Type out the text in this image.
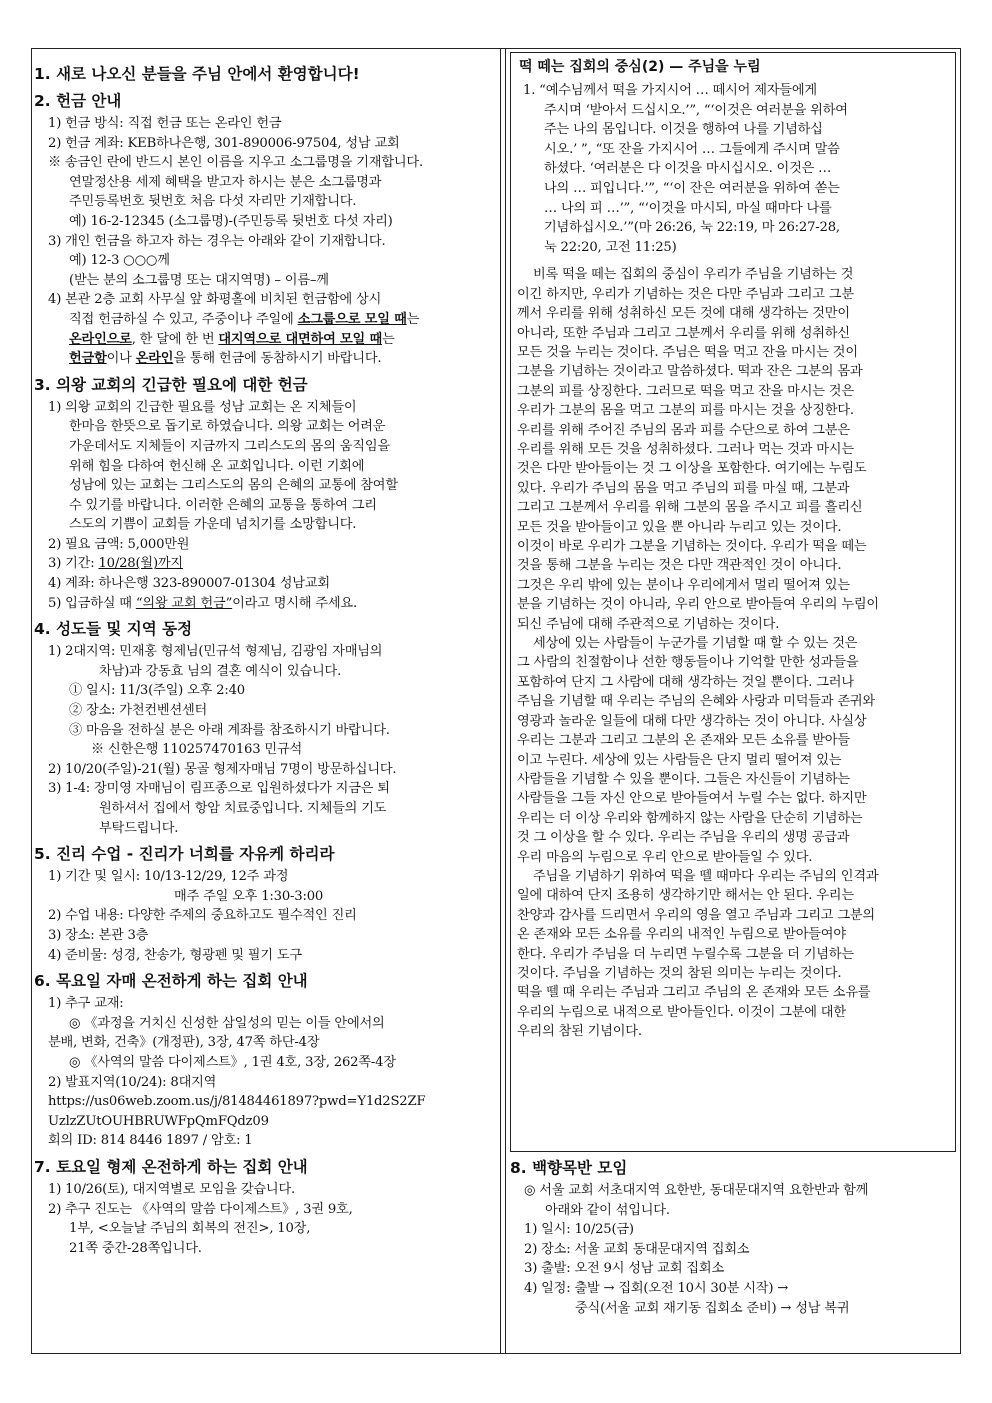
1. 새로 나오신 분들을 주님 안에서 환영합니다!
2. 헌금 안내
1) 헌금 방식: 직접 헌금 또는 온라인 헌금
2) 헌금 계좌: KEB하나은행, 301-890006-97504, 성남 교회
※ 송금인 란에 반드시 본인 이름을 지우고 소그룹명을 기재합니다.
연말정산용 세제 혜택을 받고자 하시는 분은 소그룹명과
주민등록번호 뒷번호 처음 다섯 자리만 기재합니다.
예) 16-2-12345 (소그룹명)-(주민등록 뒷번호 다섯 자리)
3) 개인 헌금을 하고자 하는 경우는 아래와 같이 기재합니다.
예) 12-3 ○○○께
(받는 분의 소그룹명 또는 대지역명) – 이름–께
4) 본관 2층 교회 사무실 앞 화평홀에 비치된 헌금함에 상시
직접 헌금하실 수 있고, 주중이나 주일에 소그룹으로 모일 때는
온라인으로, 한 달에 한 번 대지역으로 대면하여 모일 때는
헌금함이나 온라인을 통해 헌금에 동참하시기 바랍니다.
3. 의왕 교회의 긴급한 필요에 대한 헌금
1) 의왕 교회의 긴급한 필요를 성남 교회는 온 지체들이
한마음 한뜻으로 돕기로 하였습니다. 의왕 교회는 어려운
가운데서도 지체들이 지금까지 그리스도의 몸의 움직임을
위해 힘을 다하여 헌신해 온 교회입니다. 이런 기회에
성남에 있는 교회는 그리스도의 몸의 은혜의 교통에 참여할
수 있기를 바랍니다. 이러한 은혜의 교통을 통하여 그리
스도의 기쁨이 교회들 가운데 넘치기를 소망합니다.
2) 필요 금액: 5,000만원
3) 기간: 10/28(월)까지
4) 계좌: 하나은행 323-890007-01304 성남교회
5) 입금하실 때 “의왕 교회 헌금”이라고 명시해 주세요.
4. 성도들 및 지역 동정
1) 2대지역: 민재홍 형제님(민규석 형제님, 김광임 자매님의
차남)과 강동효 님의 결혼 예식이 있습니다.
① 일시: 11/3(주일) 오후 2:40
② 장소: 가천컨벤션센터
③ 마음을 전하실 분은 아래 계좌를 참조하시기 바랍니다.
※ 신한은행 110257470163 민규석
2) 10/20(주일)-21(월) 몽골 형제자매님 7명이 방문하십니다.
3) 1-4: 장미영 자매님이 림프종으로 입원하셨다가 지금은 퇴
원하셔서 집에서 항암 치료중입니다. 지체들의 기도
부탁드립니다.
5. 진리 수업 - 진리가 너희를 자유케 하리라
1) 기간 및 일시: 10/13-12/29, 12주 과정
매주 주일 오후 1:30-3:00
2) 수업 내용: 다양한 주제의 중요하고도 필수적인 진리
3) 장소: 본관 3층
4) 준비물: 성경, 찬송가, 형광펜 및 필기 도구
6. 목요일 자매 온전하게 하는 집회 안내
1) 추구 교재:
◎ 《과정을 거치신 신성한 삼일성의 믿는 이들 안에서의
분배, 변화, 건축》(개정판), 3장, 47쪽 하단-4장
◎ 《사역의 말씀 다이제스트》, 1권 4호, 3장, 262쪽-4장
2) 발표지역(10/24): 8대지역
https://us06web.zoom.us/j/81484461897?pwd=Y1d2S2ZF
UzlzZUtOUHBRUWFpQmFQdz09
회의 ID: 814 8446 1897 / 암호: 1
7. 토요일 형제 온전하게 하는 집회 안내
1) 10/26(토), 대지역별로 모임을 갖습니다.
2) 추구 진도는 《사역의 말씀 다이제스트》, 3권 9호,
1부, <오늘날 주님의 회복의 전진>, 10장,
21쪽 중간-28쪽입니다.
떡 떼는 집회의 중심(2) — 주님을 누림
1. “예수님께서 떡을 가지시어 … 떼시어 제자들에게
주시며 ‘받아서 드십시오.’”, “‘이것은 여러분을 위하여
주는 나의 몸입니다. 이것을 행하여 나를 기념하십
시오.’ ”, “또 잔을 가지시어 … 그들에게 주시며 말씀
하셨다. ‘여러분은 다 이것을 마시십시오. 이것은 …
나의 … 피입니다.’”, “‘이 잔은 여러분을 위하여 쏟는
… 나의 피 …’”, “‘이것을 마시되, 마실 때마다 나를
기념하십시오.’”(마 26:26, 눅 22:19, 마 26:27-28,
눅 22:20, 고전 11:25)
비록 떡을 떼는 집회의 중심이 우리가 주님을 기념하는 것
이긴 하지만, 우리가 기념하는 것은 다만 주님과 그리고 그분
께서 우리를 위해 성취하신 모든 것에 대해 생각하는 것만이
아니라, 또한 주님과 그리고 그분께서 우리를 위해 성취하신
모든 것을 누리는 것이다. 주님은 떡을 먹고 잔을 마시는 것이
그분을 기념하는 것이라고 말씀하셨다. 떡과 잔은 그분의 몸과
그분의 피를 상징한다. 그러므로 떡을 먹고 잔을 마시는 것은
우리가 그분의 몸을 먹고 그분의 피를 마시는 것을 상징한다.
우리를 위해 주어진 주님의 몸과 피를 수단으로 하여 그분은
우리를 위해 모든 것을 성취하셨다. 그러나 먹는 것과 마시는
것은 다만 받아들이는 것 그 이상을 포함한다. 여기에는 누림도
있다. 우리가 주님의 몸을 먹고 주님의 피를 마실 때, 그분과
그리고 그분께서 우리를 위해 그분의 몸을 주시고 피를 흘리신
모든 것을 받아들이고 있을 뿐 아니라 누리고 있는 것이다.
이것이 바로 우리가 그분을 기념하는 것이다. 우리가 떡을 떼는
것을 통해 그분을 누리는 것은 다만 객관적인 것이 아니다.
그것은 우리 밖에 있는 분이나 우리에게서 멀리 떨어져 있는
분을 기념하는 것이 아니라, 우리 안으로 받아들여 우리의 누림이
되신 주님에 대해 주관적으로 기념하는 것이다.
세상에 있는 사람들이 누군가를 기념할 때 할 수 있는 것은
그 사람의 친절함이나 선한 행동들이나 기억할 만한 성과들을
포함하여 단지 그 사람에 대해 생각하는 것일 뿐이다. 그러나
주님을 기념할 때 우리는 주님의 은혜와 사랑과 미덕들과 존귀와
영광과 놀라운 일들에 대해 다만 생각하는 것이 아니다. 사실상
우리는 그분과 그리고 그분의 온 존재와 모든 소유를 받아들
이고 누린다. 세상에 있는 사람들은 단지 멀리 떨어져 있는
사람들을 기념할 수 있을 뿐이다. 그들은 자신들이 기념하는
사람들을 그들 자신 안으로 받아들여서 누릴 수는 없다. 하지만
우리는 더 이상 우리와 함께하지 않는 사람을 단순히 기념하는
것 그 이상을 할 수 있다. 우리는 주님을 우리의 생명 공급과
우리 마음의 누림으로 우리 안으로 받아들일 수 있다.
주님을 기념하기 위하여 떡을 뗄 때마다 우리는 주님의 인격과
일에 대하여 단지 조용히 생각하기만 해서는 안 된다. 우리는
찬양과 감사를 드리면서 우리의 영을 열고 주님과 그리고 그분의
온 존재와 모든 소유를 우리의 내적인 누림으로 받아들여야
한다. 우리가 주님을 더 누리면 누릴수록 그분을 더 기념하는
것이다. 주님을 기념하는 것의 참된 의미는 누리는 것이다.
떡을 뗄 때 우리는 주님과 그리고 주님의 온 존재와 모든 소유를
우리의 누림으로 내적으로 받아들인다. 이것이 그분에 대한
우리의 참된 기념이다.
8. 백향목반 모임
◎ 서울 교회 서초대지역 요한반, 동대문대지역 요한반과 함께
아래와 같이 섞입니다.
1) 일시: 10/25(금)
2) 장소: 서울 교회 동대문대지역 집회소
3) 출발: 오전 9시 성남 교회 집회소
4) 일정: 출발 → 집회(오전 10시 30분 시작) →
중식(서울 교회 재기동 집회소 준비) → 성남 복귀
